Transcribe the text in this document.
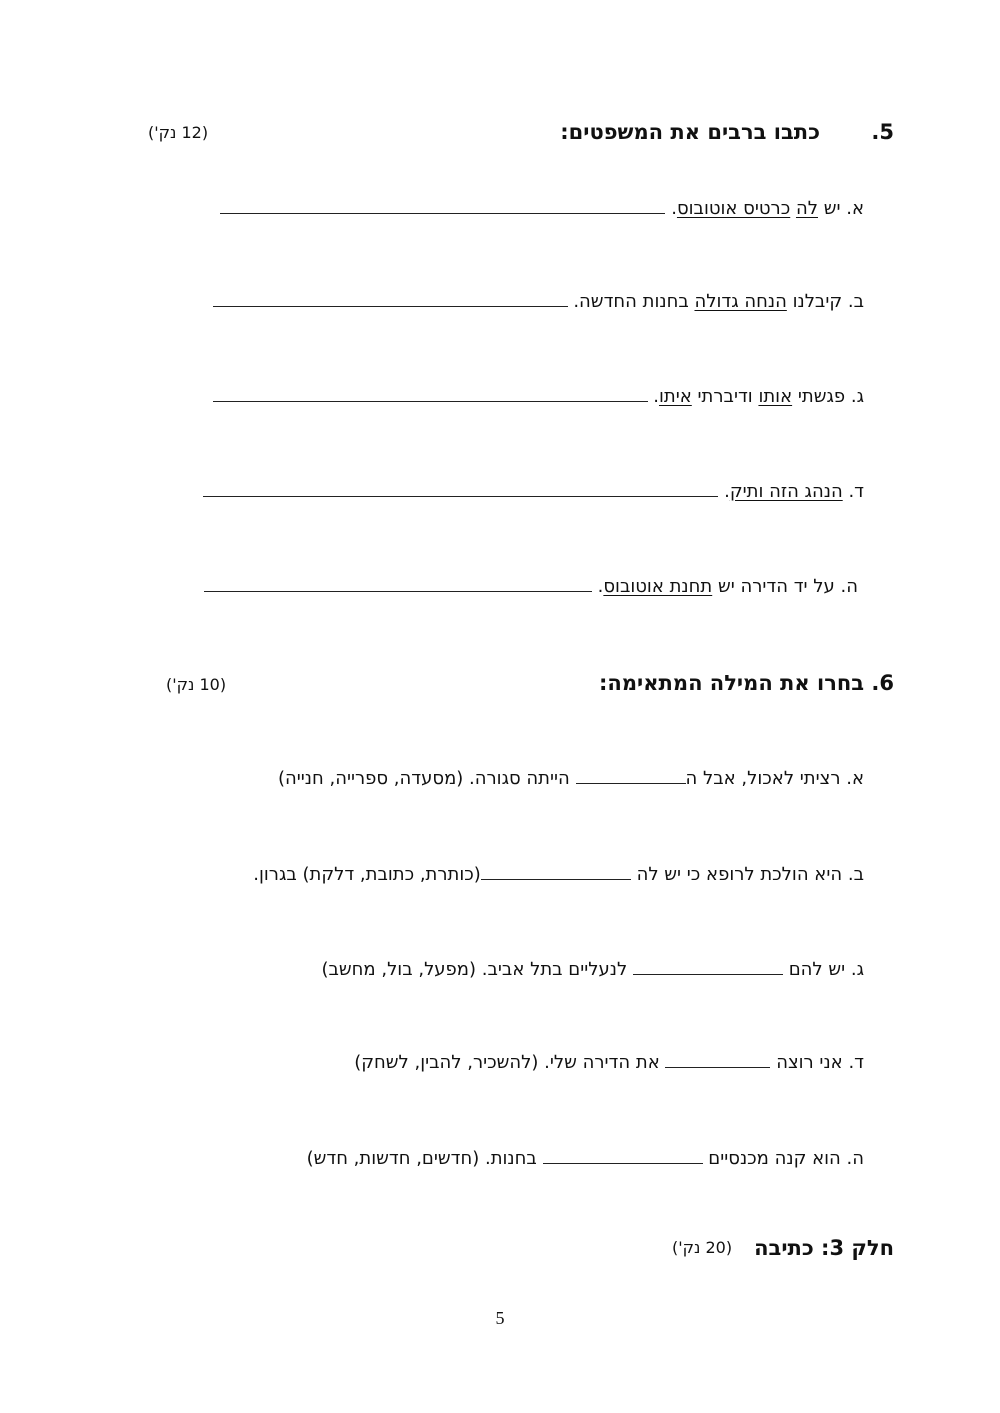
5.
כתבו ברבים את המשפטים:
(12 נק')
א. יש לה כרטיס אוטובוס.
ב. קיבלנו הנחה גדולה בחנות החדשה.
ג. פגשתי אותו ודיברתי איתו.
ד. הנהג הזה ותיק.
ה. על יד הדירה יש תחנת אוטובוס.
6. בחרו את המילה המתאימה:
(10 נק')
א. רציתי לאכול, אבל ה הייתה סגורה. (מסעדה, ספרייה, חנייה)
ב. היא הולכת לרופא כי יש לה (כותרת, כתובת, דלקת) בגרון.
ג. יש להם  לנעליים בתל אביב. (מפעל, בול, מחשב)
ד. אני רוצה  את הדירה שלי. (להשכיר, להבין, לשחק)
ה. הוא קנה מכנסיים  בחנות. (חדשים, חדשות, חדש)
חלק 3: כתיבה
(20 נק')
5
